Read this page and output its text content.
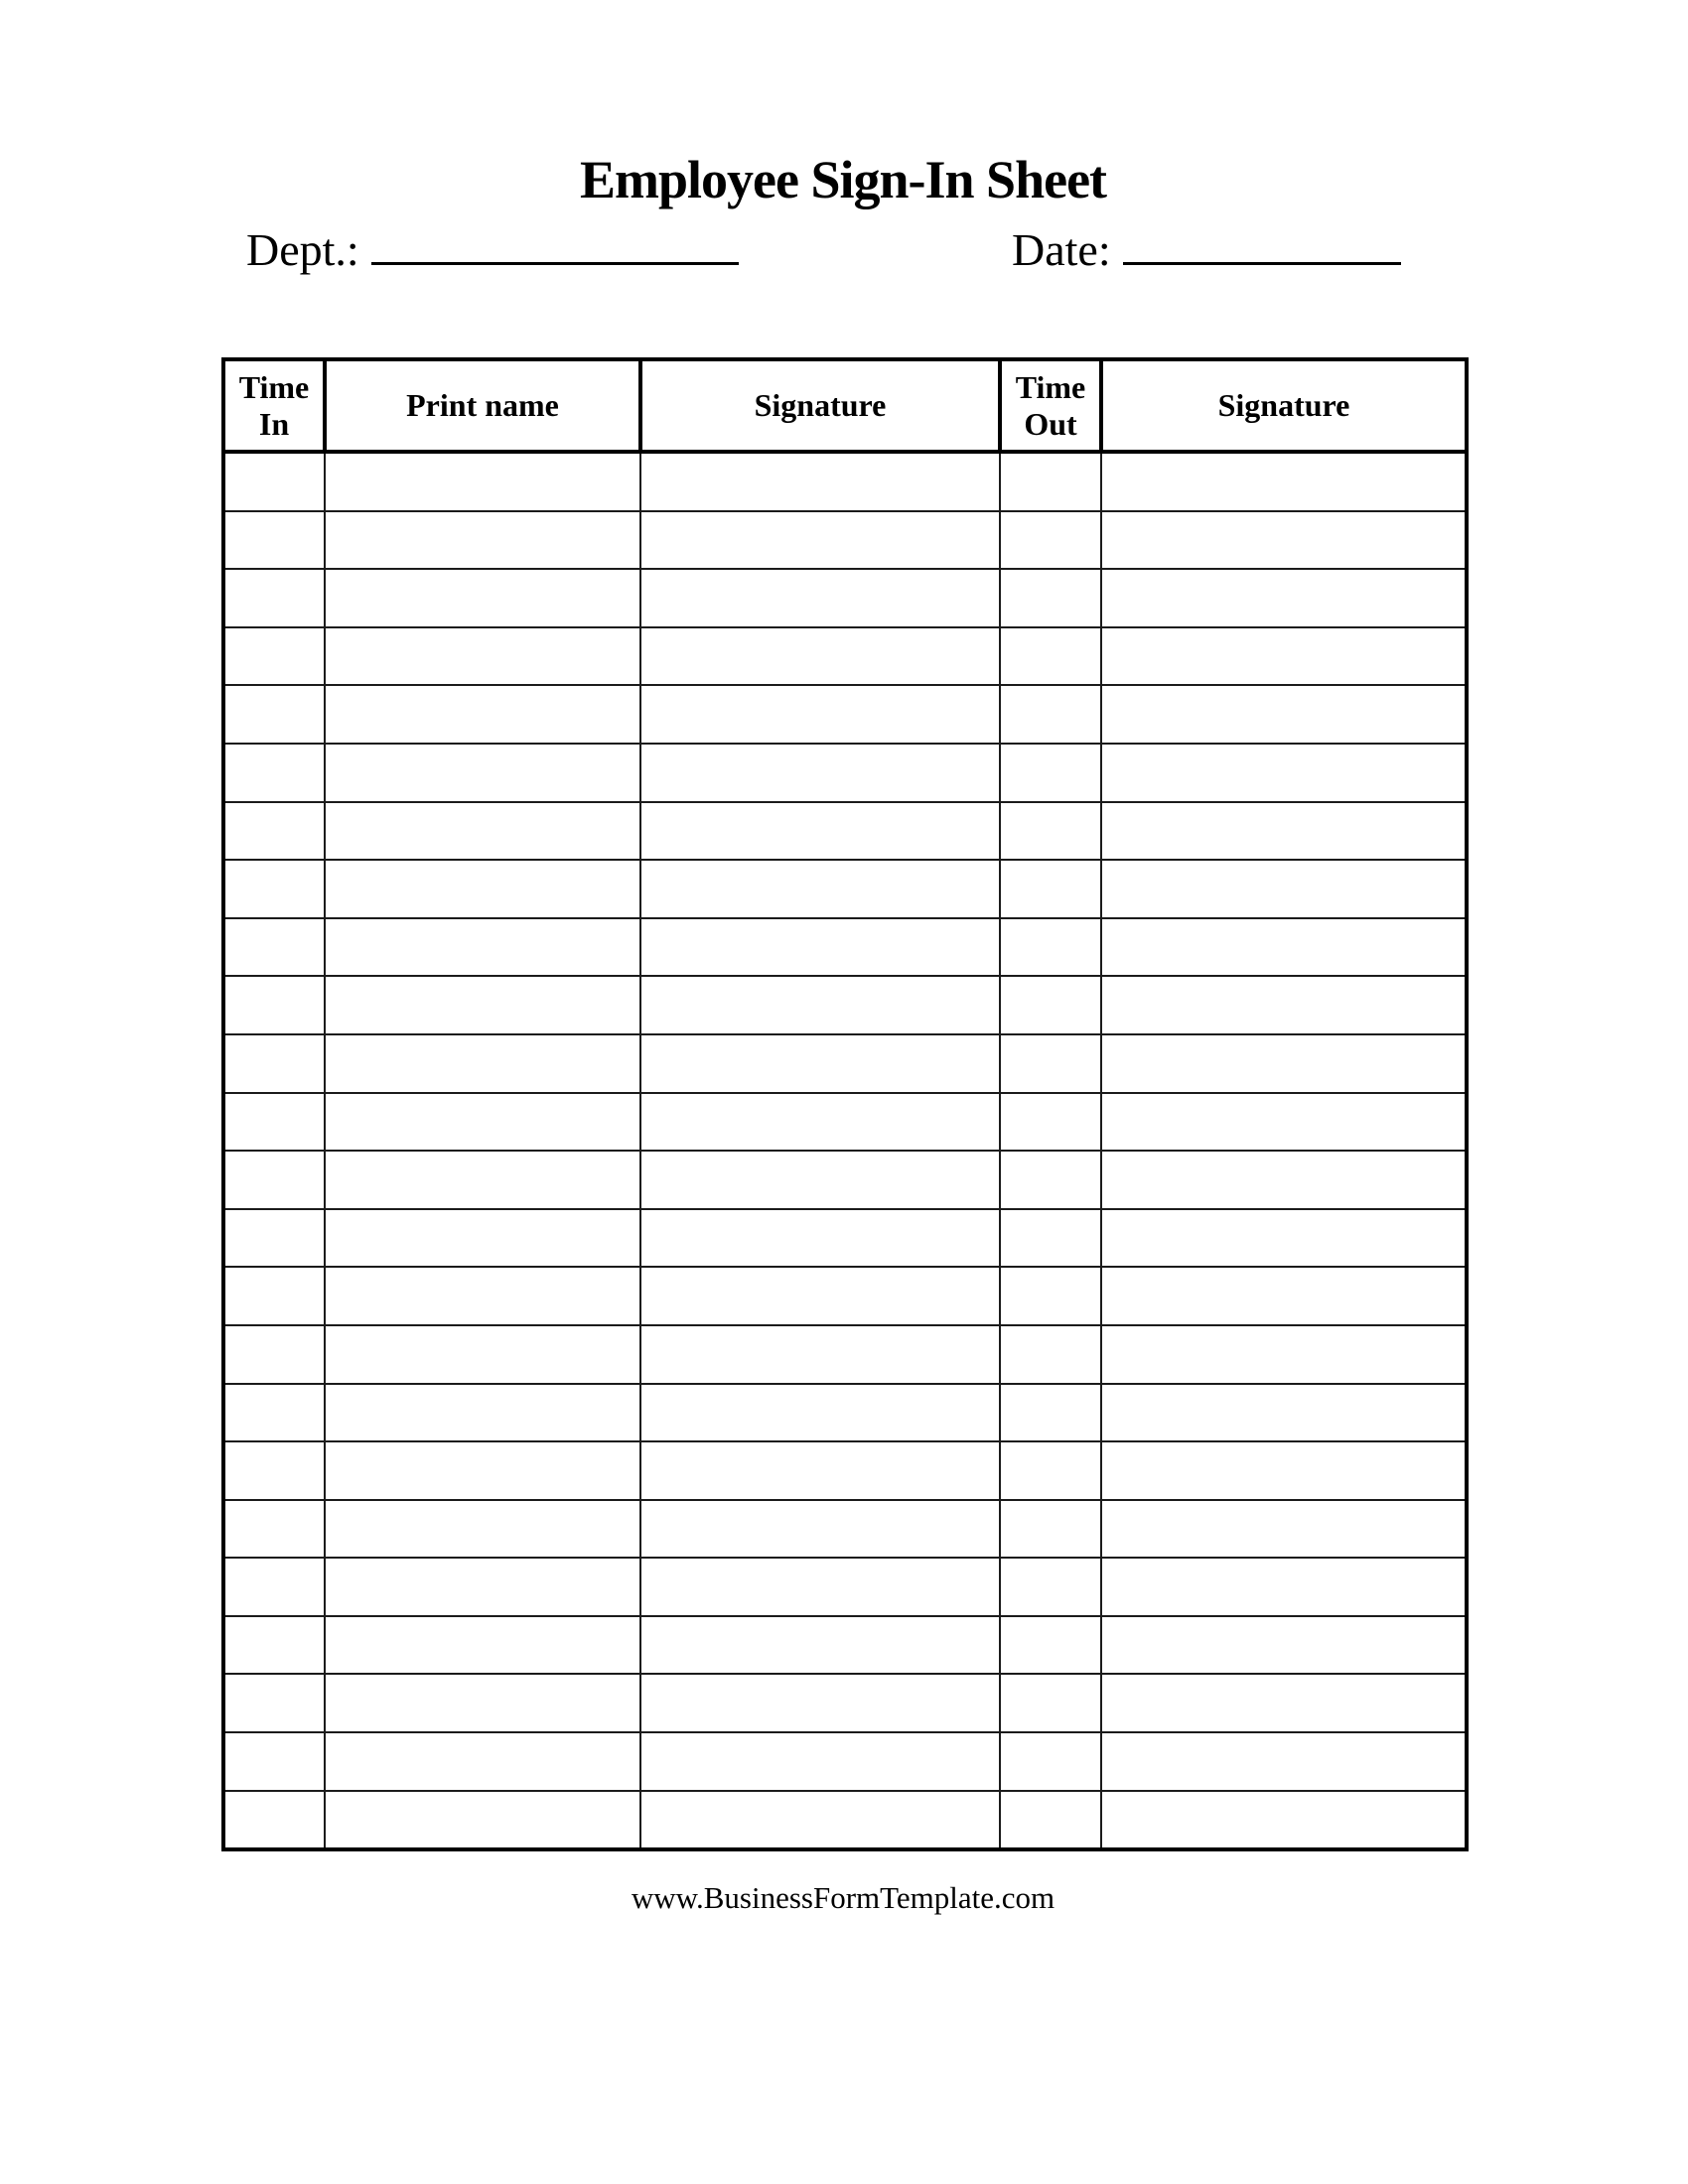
Employee Sign-In Sheet
Dept.:	Date:
Time In	Print name	Signature	Time Out	Signature

www.BusinessFormTemplate.com
